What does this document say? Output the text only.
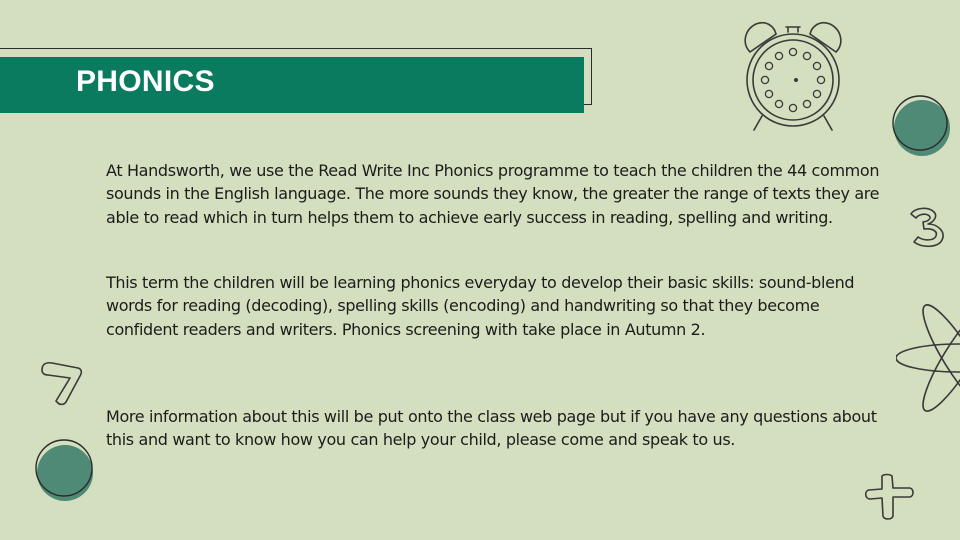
PHONICS

At Handsworth, we use the Read Write Inc Phonics programme to teach the children the 44 common sounds in the English language. The more sounds they know, the greater the range of texts they are able to read which in turn helps them to achieve early success in reading, spelling and writing.

This term the children will be learning phonics everyday to develop their basic skills: sound-blend words for reading (decoding), spelling skills (encoding) and handwriting so that they become confident readers and writers. Phonics screening with take place in Autumn 2.

More information about this will be put onto the class web page but if you have any questions about this and want to know how you can help your child, please come and speak to us.
